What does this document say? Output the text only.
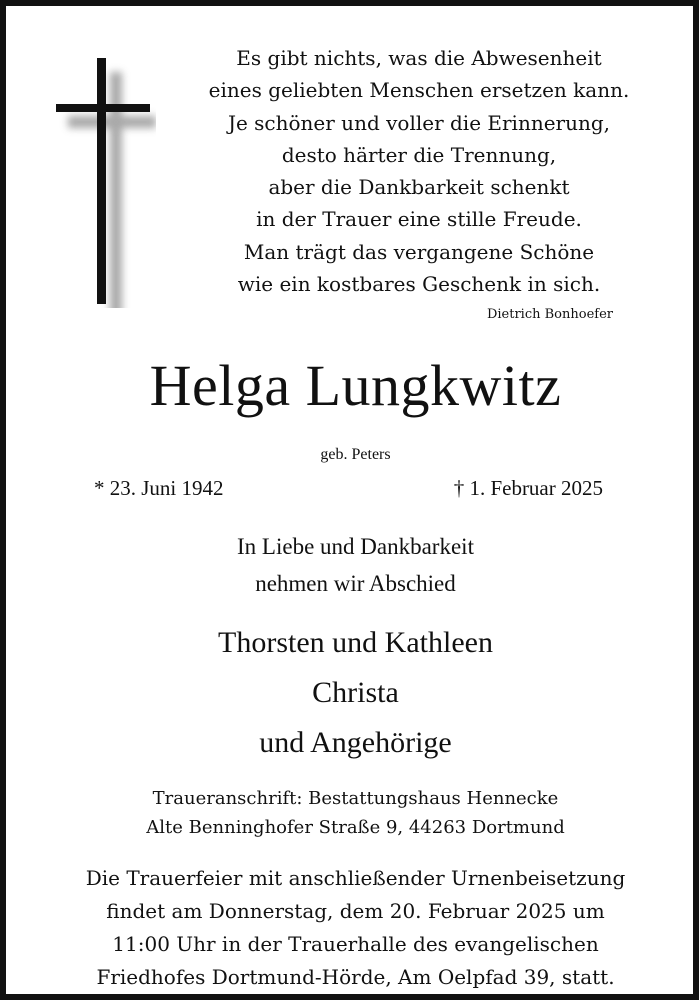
Es gibt nichts, was die Abwesenheit
eines geliebten Menschen ersetzen kann.
Je schöner und voller die Erinnerung,
desto härter die Trennung,
aber die Dankbarkeit schenkt
in der Trauer eine stille Freude.
Man trägt das vergangene Schöne
wie ein kostbares Geschenk in sich.
Dietrich Bonhoefer
Helga Lungkwitz
geb. Peters
* 23. Juni 1942	† 1. Februar 2025
In Liebe und Dankbarkeit
nehmen wir Abschied
Thorsten und Kathleen
Christa
und Angehörige
Traueranschrift: Bestattungshaus Hennecke
Alte Benninghofer Straße 9, 44263 Dortmund
Die Trauerfeier mit anschließender Urnenbeisetzung
findet am Donnerstag, dem 20. Februar 2025 um
11:00 Uhr in der Trauerhalle des evangelischen
Friedhofes Dortmund-Hörde, Am Oelpfad 39, statt.
